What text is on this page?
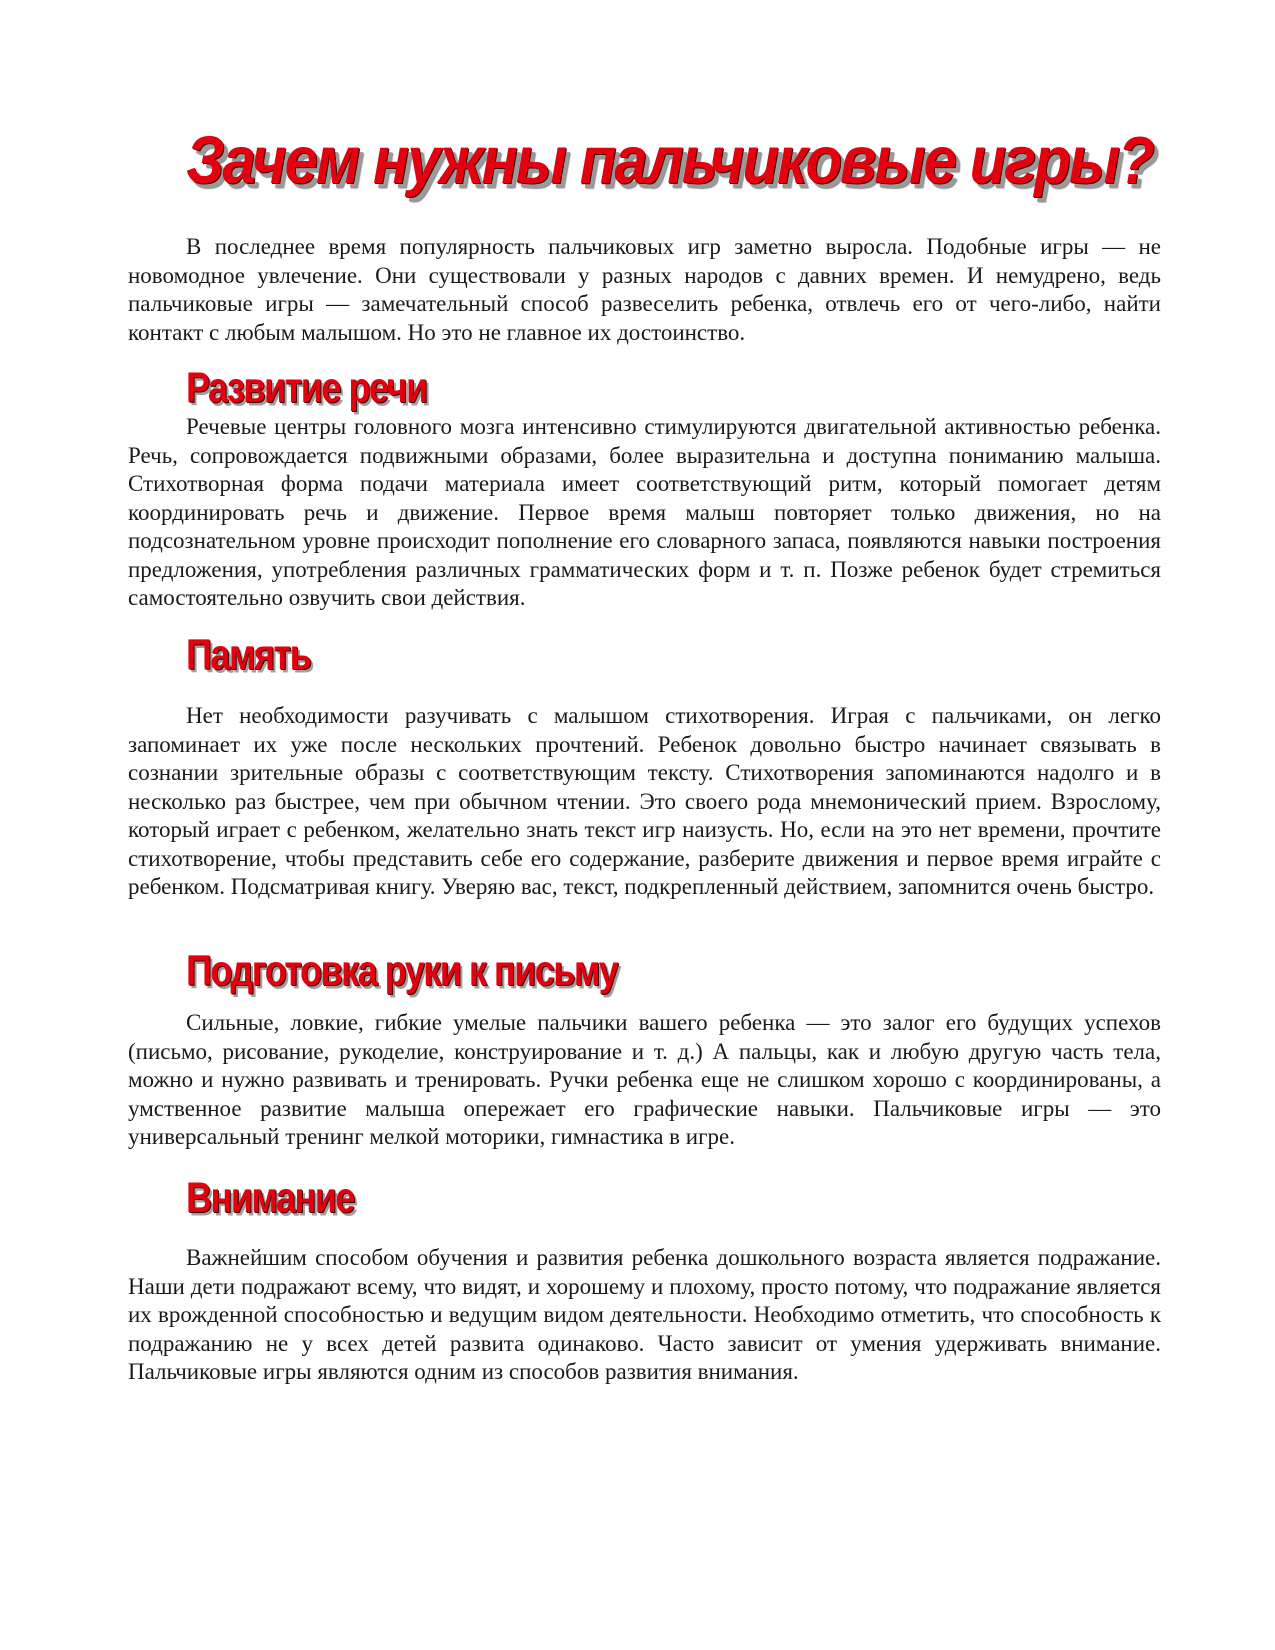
Зачем нужны пальчиковые игры?

В последнее время популярность пальчиковых игр заметно выросла. Подобные игры — не новомодное увлечение. Они существовали у разных народов с давних времен. И немудрено, ведь пальчиковые игры — замечательный способ развеселить ребенка, отвлечь его от чего-либо, найти контакт с любым малышом. Но это не главное их достоинство.

Развитие речи

Речевые центры головного мозга интенсивно стимулируются двигательной активностью ребенка. Речь, сопровождается подвижными образами, более выразительна и доступна пониманию малыша. Стихотворная форма подачи материала имеет соответствующий ритм, который помогает детям координировать речь и движение. Первое время малыш повторяет только движения, но на подсознательном уровне происходит пополнение его словарного запаса, появляются навыки построения предложения, употребления различных грамматических форм и т. п. Позже ребенок будет стремиться самостоятельно озвучить свои действия.

Память

Нет необходимости разучивать с малышом стихотворения. Играя с пальчиками, он легко запоминает их уже после нескольких прочтений. Ребенок довольно быстро начинает связывать в сознании зрительные образы с соответствующим тексту. Стихотворения запоминаются надолго и в несколько раз быстрее, чем при обычном чтении. Это своего рода мнемонический прием. Взрослому, который играет с ребенком, желательно знать текст игр наизусть. Но, если на это нет времени, прочтите стихотворение, чтобы представить себе его содержание, разберите движения и первое время играйте с ребенком. Подсматривая книгу. Уверяю вас, текст, подкрепленный действием, запомнится очень быстро.

Подготовка руки к письму

Сильные, ловкие, гибкие умелые пальчики вашего ребенка — это залог его будущих успехов (письмо, рисование, рукоделие, конструирование и т. д.) А пальцы, как и любую другую часть тела, можно и нужно развивать и тренировать. Ручки ребенка еще не слишком хорошо с координированы, а умственное развитие малыша опережает его графические навыки. Пальчиковые игры — это универсальный тренинг мелкой моторики, гимнастика в игре.

Внимание

Важнейшим способом обучения и развития ребенка дошкольного возраста является подражание. Наши дети подражают всему, что видят, и хорошему и плохому, просто потому, что подражание является их врожденной способностью и ведущим видом деятельности. Необходимо отметить, что способность к подражанию не у всех детей развита одинаково. Часто зависит от умения удерживать внимание. Пальчиковые игры являются одним из способов развития внимания.
